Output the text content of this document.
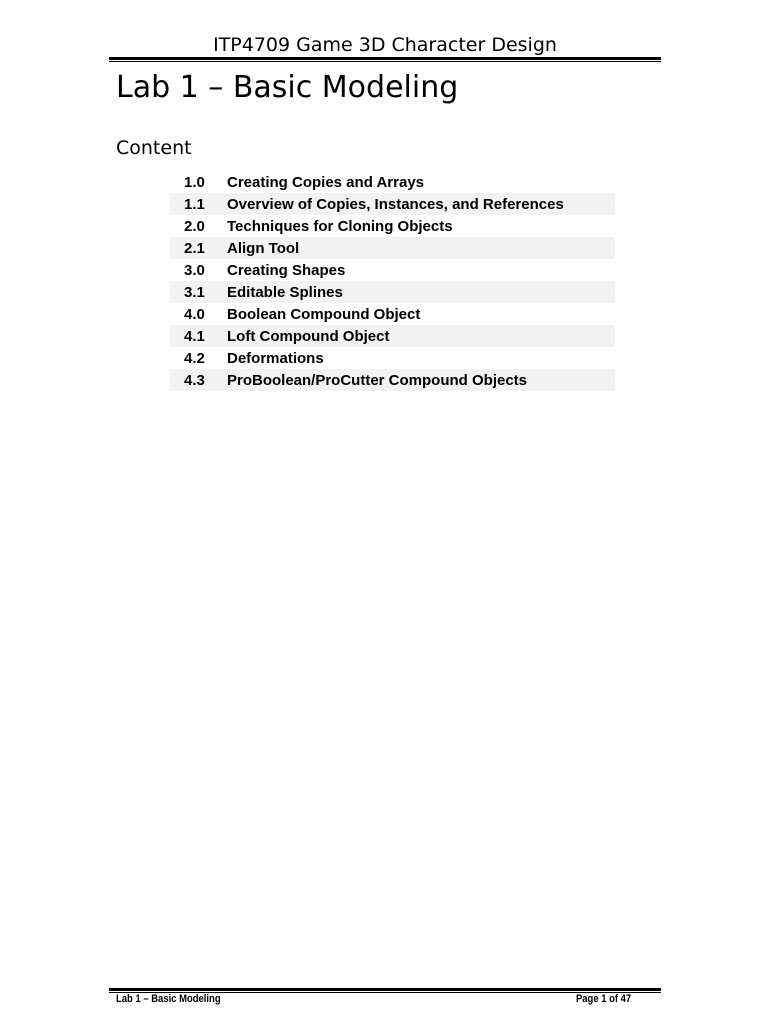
ITP4709 Game 3D Character Design
Lab 1 – Basic Modeling
Content
1.0	Creating Copies and Arrays
1.1	Overview of Copies, Instances, and References
2.0	Techniques for Cloning Objects
2.1	Align Tool
3.0	Creating Shapes
3.1	Editable Splines
4.0	Boolean Compound Object
4.1	Loft Compound Object
4.2	Deformations
4.3	ProBoolean/ProCutter Compound Objects
Lab 1 – Basic Modeling	Page 1 of 47
